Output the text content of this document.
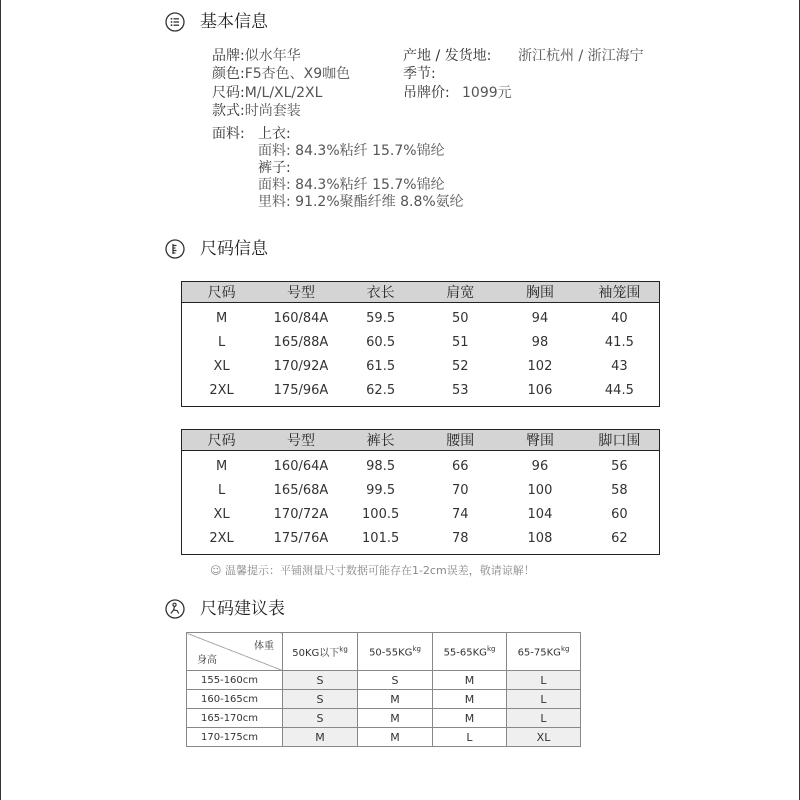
基本信息
品牌:似水年华
颜色:F5杏色、X9咖色
尺码:M/L/XL/2XL
款式:时尚套装
产地 / 发货地: 浙江杭州 / 浙江海宁
季节:
吊牌价: 1099元
面料: 上衣:
面料: 84.3%粘纤 15.7%锦纶
裤子:
面料: 84.3%粘纤 15.7%锦纶
里料: 91.2%聚酯纤维 8.8%氨纶
尺码信息
尺码	号型	衣长	肩宽	胸围	袖笼围
M	160/84A	59.5	50	94	40
L	165/88A	60.5	51	98	41.5
XL	170/92A	61.5	52	102	43
2XL	175/96A	62.5	53	106	44.5
尺码	号型	裤长	腰围	臀围	脚口围
M	160/64A	98.5	66	96	56
L	165/68A	99.5	70	100	58
XL	170/72A	100.5	74	104	60
2XL	175/76A	101.5	78	108	62
☺ 温馨提示：平铺测量尺寸数据可能存在1-2cm误差，敬请谅解！
尺码建议表
体重
身高	50KG以下$^{kg}$	$50-55KG^{kg}$	$55-65KG^{kg}$	$65-75KG^{kg}$
155-160cm	S	S	M	L
160-165cm	S	M	M	L
165-170cm	S	M	M	L
170-175cm	M	M	L	XL
